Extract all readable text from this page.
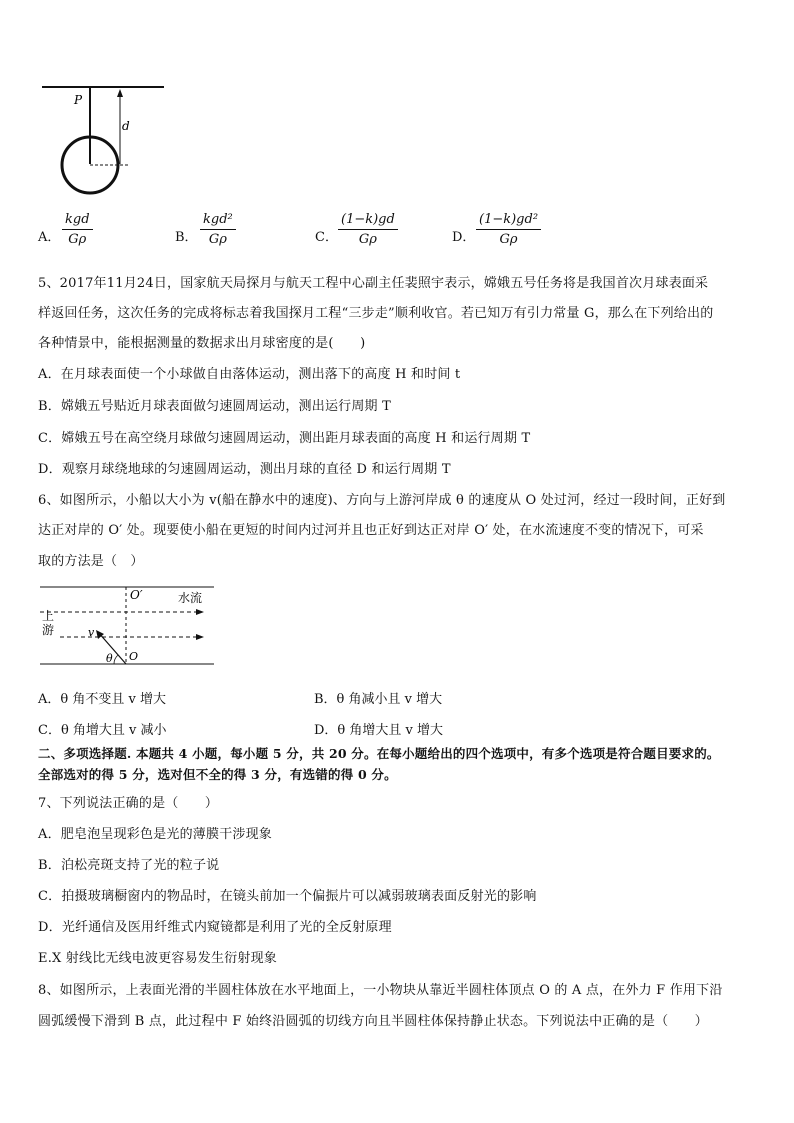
P
d
A．
kgd
Gρ	B．
kgd²
Gρ	C． $\frac{(1-k)gd}{G\rho}$	D． $\frac{\text{(1−k)gd²}}{G\rho}$
5、2017年11月24日，国家航天局探月与航天工程中心副主任裴照宇表示，嫦娥五号任务将是我国首次月球表面采
样返回任务，这次任务的完成将标志着我国探月工程“三步走”顺利收官。若已知万有引力常量 G，那么在下列给出的
各种情景中，能根据测量的数据求出月球密度的是(　　)
A．在月球表面使一个小球做自由落体运动，测出落下的高度 H 和时间 t
B．嫦娥五号贴近月球表面做匀速圆周运动，测出运行周期 T
C．嫦娥五号在高空绕月球做匀速圆周运动，测出距月球表面的高度 H 和运行周期 T
D．观察月球绕地球的匀速圆周运动，测出月球的直径 D 和运行周期 T
6、如图所示，小船以大小为 v(船在静水中的速度)、方向与上游河岸成 θ 的速度从 O 处过河，经过一段时间，正好到
达正对岸的 O′ 处。现要使小船在更短的时间内过河并且也正好到达正对岸 O′ 处，在水流速度不变的情况下，可采
取的方法是（　）
O′	水流
上
游	v
θ O
A．θ 角不变且 v 增大	B．θ 角减小且 v 增大
C．θ 角增大且 v 减小	D．θ 角增大且 v 增大
二、多项选择题. 本题共 4 小题，每小题 5 分，共 20 分。在每小题给出的四个选项中，有多个选项是符合题目要求的。
全部选对的得 5 分，选对但不全的得 3 分，有选错的得 0 分。
7、下列说法正确的是（　　）
A．肥皂泡呈现彩色是光的薄膜干涉现象
B．泊松亮斑支持了光的粒子说
C．拍摄玻璃橱窗内的物品时，在镜头前加一个偏振片可以减弱玻璃表面反射光的影响
D．光纤通信及医用纤维式内窥镜都是利用了光的全反射原理
E.X 射线比无线电波更容易发生衍射现象
8、如图所示，上表面光滑的半圆柱体放在水平地面上，一小物块从靠近半圆柱体顶点 O 的 A 点，在外力 F 作用下沿
圆弧缓慢下滑到 B 点，此过程中 F 始终沿圆弧的切线方向且半圆柱体保持静止状态。下列说法中正确的是（　　）
